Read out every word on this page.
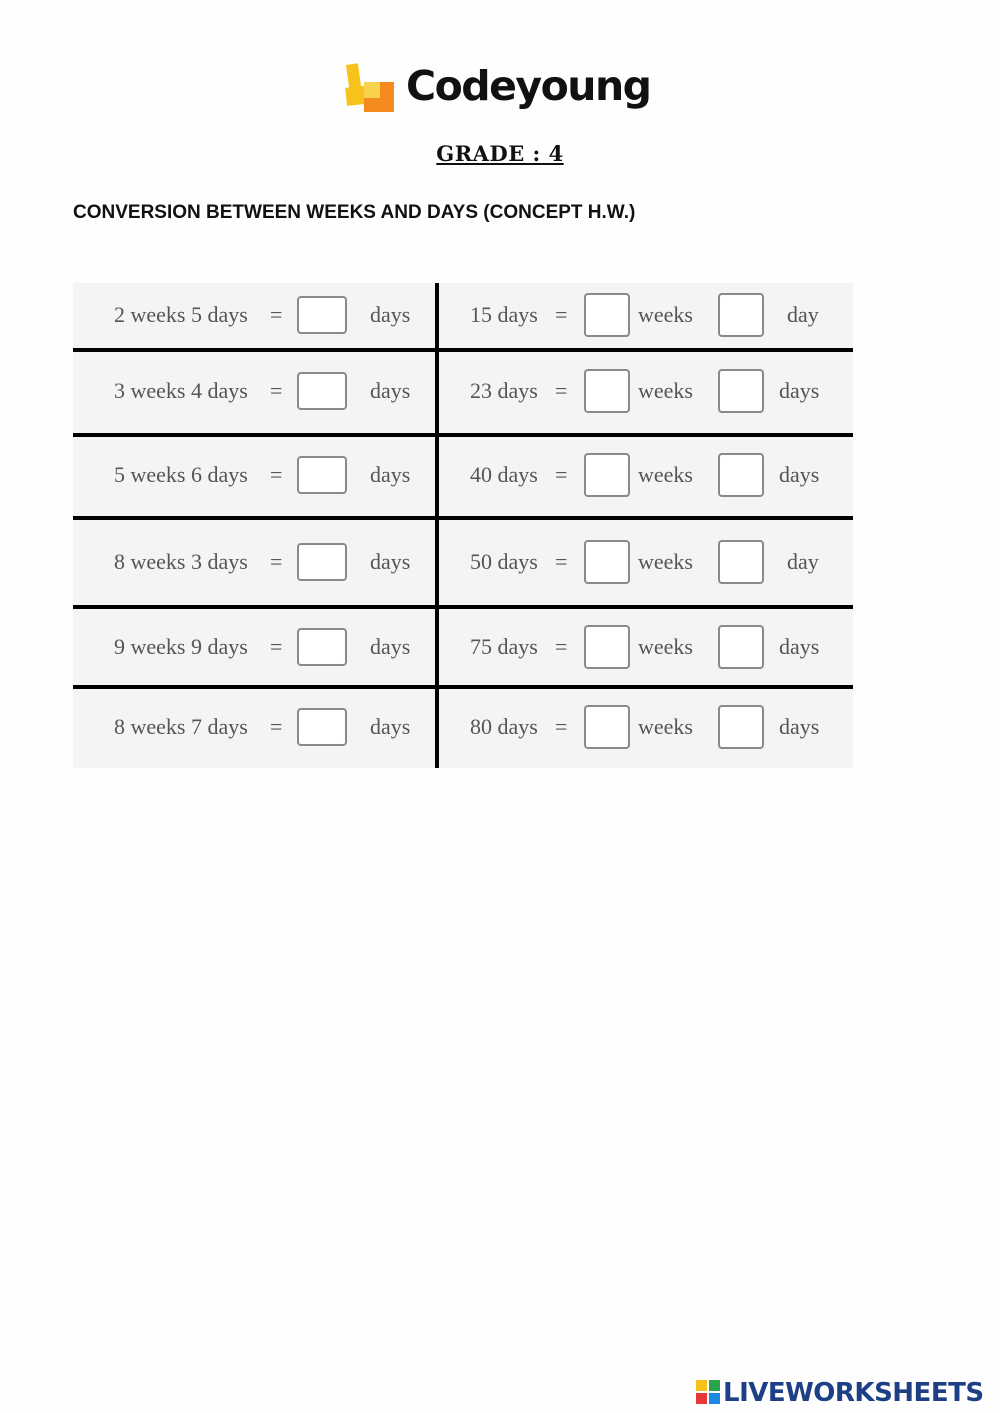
Codeyoung
GRADE : 4
CONVERSION BETWEEN WEEKS AND DAYS (CONCEPT H.W.)
2 weeks 5 days =	days	15 days =	weeks	day
3 weeks 4 days =	days	23 days =	weeks	days
5 weeks 6 days =	days	40 days =	weeks	days
8 weeks 3 days =	days	50 days =	weeks	day
9 weeks 9 days =	days	75 days =	weeks	days
8 weeks 7 days =	days	80 days =	weeks	days
LIVEWORKSHEETS
